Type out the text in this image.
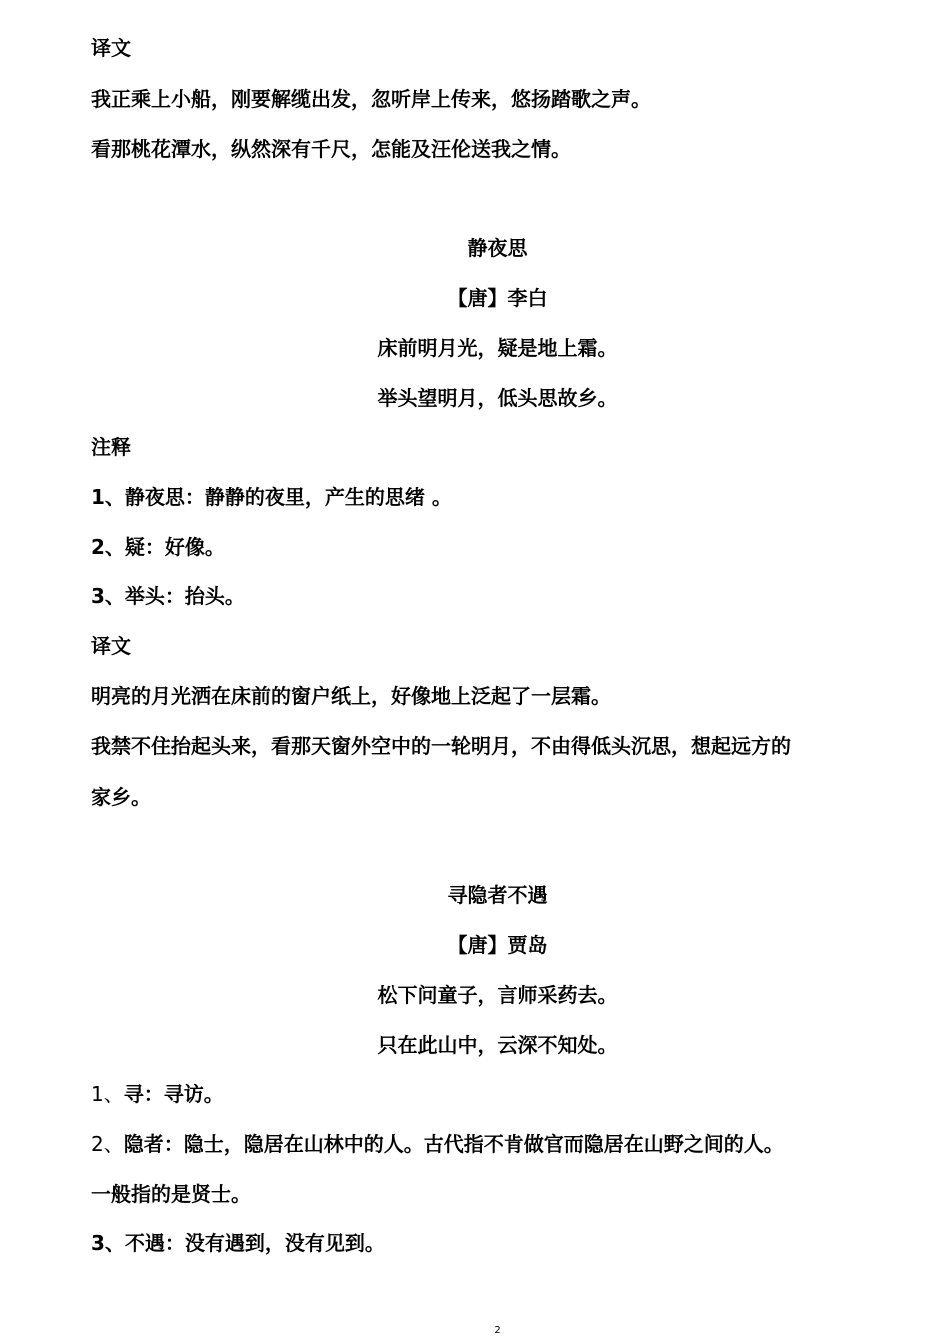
译文
我正乘上小船，刚要解缆出发，忽听岸上传来，悠扬踏歌之声。
看那桃花潭水，纵然深有千尺，怎能及汪伦送我之情。
静夜思
【唐】李白
床前明月光，疑是地上霜。
举头望明月，低头思故乡。
注释
1、静夜思：静静的夜里，产生的思绪 。
2、疑：好像。
3、举头：抬头。
译文
明亮的月光洒在床前的窗户纸上，好像地上泛起了一层霜。
我禁不住抬起头来，看那天窗外空中的一轮明月，不由得低头沉思，想起远方的
家乡。
寻隐者不遇
【唐】贾岛
松下问童子，言师采药去。
只在此山中，云深不知处。
1、寻：寻访。
2、隐者：隐士，隐居在山林中的人。古代指不肯做官而隐居在山野之间的人。
一般指的是贤士。
3、不遇：没有遇到，没有见到。
2
